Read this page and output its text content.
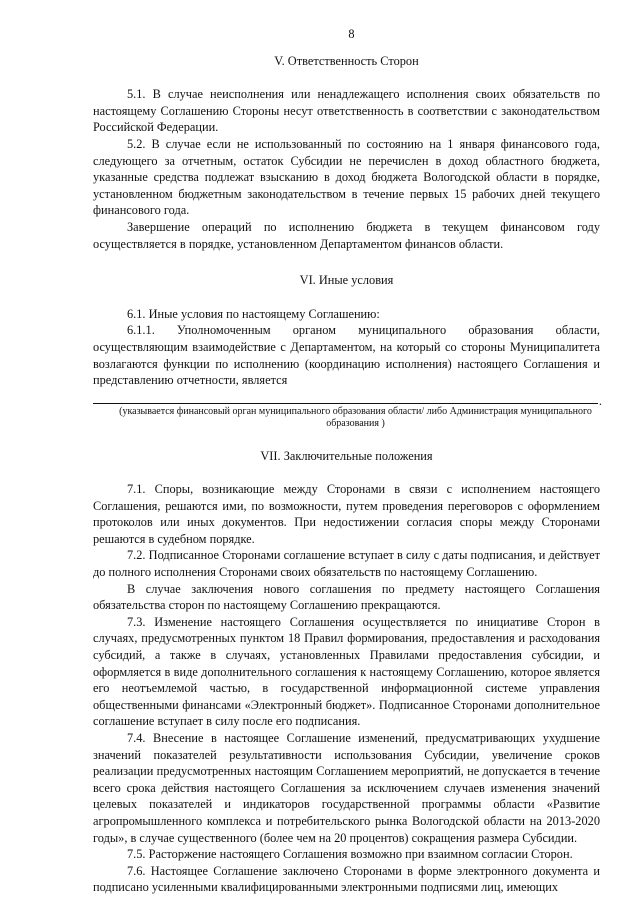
8
V. Ответственность Сторон

5.1. В случае неисполнения или ненадлежащего исполнения своих обязательств по настоящему Соглашению Стороны несут ответственность в соответствии с законодательством Российской Федерации.

5.2. В случае если не использованный по состоянию на 1 января финансового года, следующего за отчетным, остаток Субсидии не перечислен в доход областного бюджета, указанные средства подлежат взысканию в доход бюджета Вологодской области в порядке, установленном бюджетным законодательством в течение первых 15 рабочих дней текущего финансового года.

Завершение операций по исполнению бюджета в текущем финансовом году осуществляется в порядке, установленном Департаментом финансов области.

VI. Иные условия

6.1. Иные условия по настоящему Соглашению:

6.1.1. Уполномоченным органом муниципального образования области, осуществляющим взаимодействие с Департаментом, на который со стороны Муниципалитета возлагаются функции по исполнению (координацию исполнения) настоящего Соглашения и представлению отчетности, является

.
(указывается финансовый орган муниципального образования области/ либо Администрация муниципального образования )
VII. Заключительные положения

7.1. Споры, возникающие между Сторонами в связи с исполнением настоящего Соглашения, решаются ими, по возможности, путем проведения переговоров с оформлением протоколов или иных документов. При недостижении согласия споры между Сторонами решаются в судебном порядке.

7.2. Подписанное Сторонами соглашение вступает в силу с даты подписания, и действует до полного исполнения Сторонами своих обязательств по настоящему Соглашению.

В случае заключения нового соглашения по предмету настоящего Соглашения обязательства сторон по настоящему Соглашению прекращаются.

7.3. Изменение настоящего Соглашения осуществляется по инициативе Сторон в случаях, предусмотренных пунктом 18 Правил формирования, предоставления и расходования субсидий, а также в случаях, установленных Правилами предоставления субсидии, и оформляется в виде дополнительного соглашения к настоящему Соглашению, которое является его неотъемлемой частью, в государственной информационной системе управления общественными финансами «Электронный бюджет». Подписанное Сторонами дополнительное соглашение вступает в силу после его подписания.

7.4. Внесение в настоящее Соглашение изменений, предусматривающих ухудшение значений показателей результативности использования Субсидии, увеличение сроков реализации предусмотренных настоящим Соглашением мероприятий, не допускается в течение всего срока действия настоящего Соглашения за исключением случаев изменения значений целевых показателей и индикаторов государственной программы области «Развитие агропромышленного комплекса и потребительского рынка Вологодской области на 2013-2020 годы», в случае существенного (более чем на 20 процентов) сокращения размера Субсидии.

7.5. Расторжение настоящего Соглашения возможно при взаимном согласии Сторон.

7.6. Настоящее Соглашение заключено Сторонами в форме электронного документа и подписано усиленными квалифицированными электронными подписями лиц, имеющих
